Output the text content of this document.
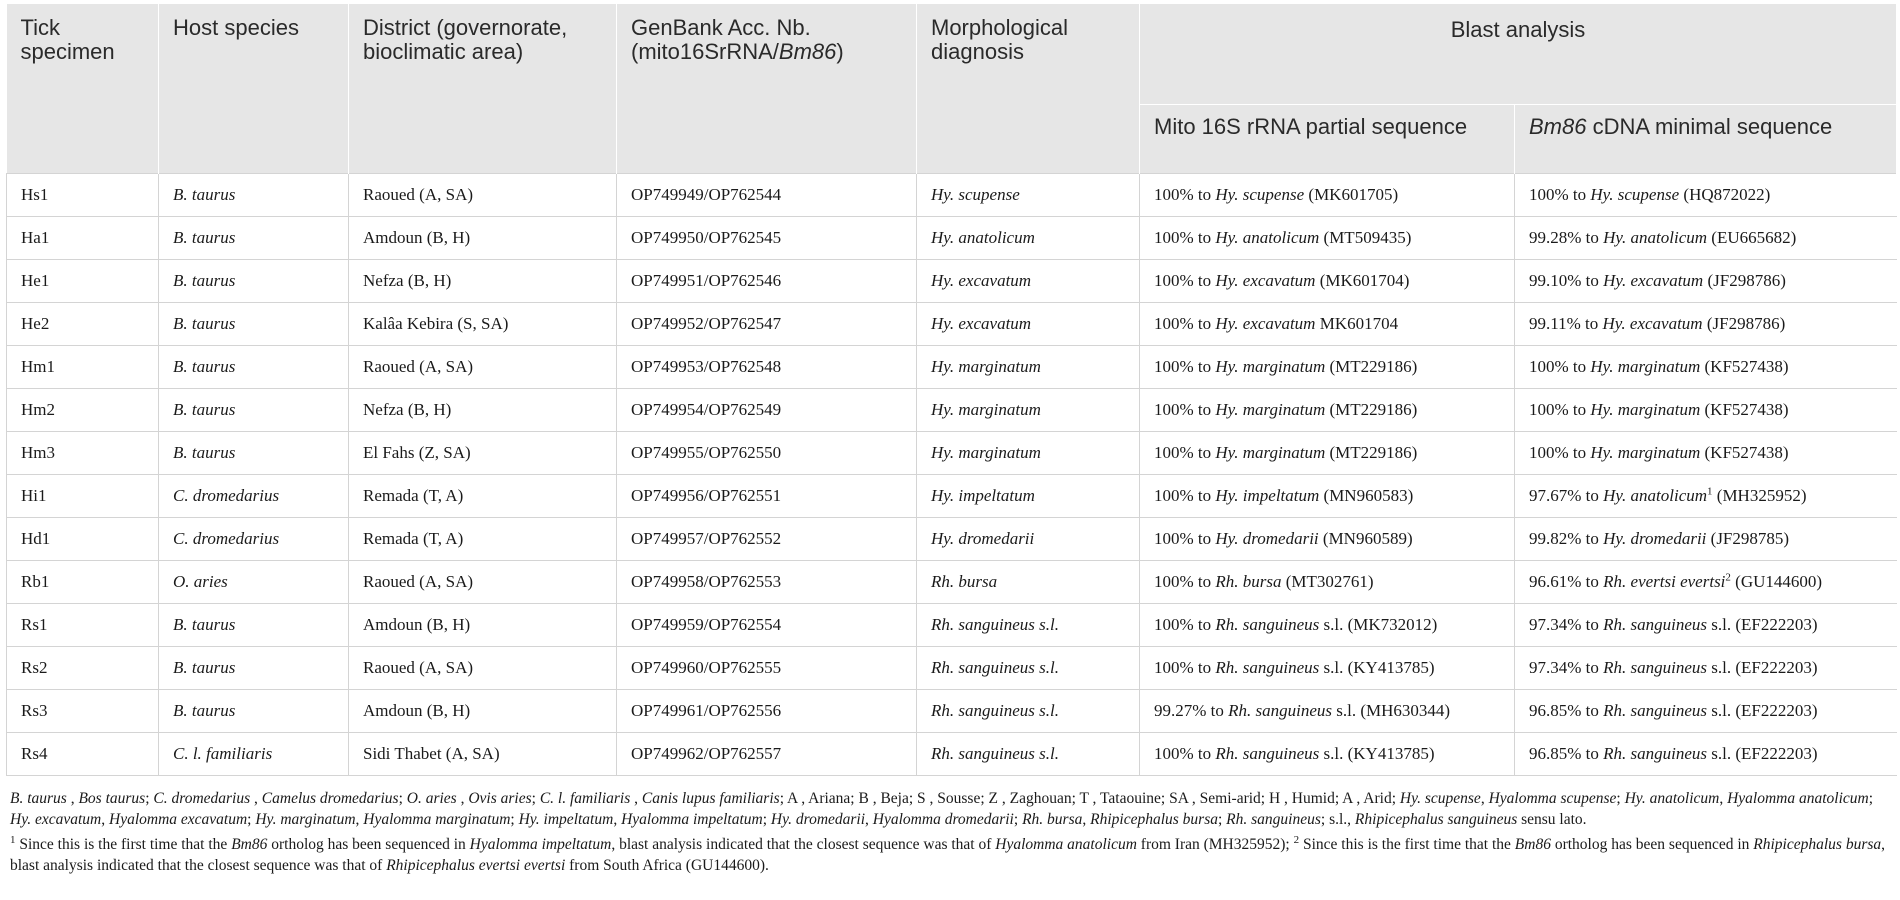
Tick specimen	Host species	District (governorate, bioclimatic area)	GenBank Acc. Nb. (mito16SrRNA/Bm86)	Morphological diagnosis	Blast analysis	
					Mito 16S rRNA partial sequence	Bm86 cDNA minimal sequence
Hs1	B. taurus	Raoued (A, SA)	OP749949/OP762544	Hy. scupense	100% to Hy. scupense (MK601705)	100% to Hy. scupense (HQ872022)
Ha1	B. taurus	Amdoun (B, H)	OP749950/OP762545	Hy. anatolicum	100% to Hy. anatolicum (MT509435)	99.28% to Hy. anatolicum (EU665682)
He1	B. taurus	Nefza (B, H)	OP749951/OP762546	Hy. excavatum	100% to Hy. excavatum (MK601704)	99.10% to Hy. excavatum (JF298786)
He2	B. taurus	Kalâa Kebira (S, SA)	OP749952/OP762547	Hy. excavatum	100% to Hy. excavatum MK601704	99.11% to Hy. excavatum (JF298786)
Hm1	B. taurus	Raoued (A, SA)	OP749953/OP762548	Hy. marginatum	100% to Hy. marginatum (MT229186)	100% to Hy. marginatum (KF527438)
Hm2	B. taurus	Nefza (B, H)	OP749954/OP762549	Hy. marginatum	100% to Hy. marginatum (MT229186)	100% to Hy. marginatum (KF527438)
Hm3	B. taurus	El Fahs (Z, SA)	OP749955/OP762550	Hy. marginatum	100% to Hy. marginatum (MT229186)	100% to Hy. marginatum (KF527438)
Hi1	C. dromedarius	Remada (T, A)	OP749956/OP762551	Hy. impeltatum	100% to Hy. impeltatum (MN960583)	97.67% to Hy. anatolicum$^1$ (MH325952)
Hd1	C. dromedarius	Remada (T, A)	OP749957/OP762552	Hy. dromedarii	100% to Hy. dromedarii (MN960589)	99.82% to Hy. dromedarii (JF298785)
Rb1	O. aries	Raoued (A, SA)	OP749958/OP762553	Rh. bursa	100% to Rh. bursa (MT302761)	96.61% to Rh. evertsi evertsi$^2$ (GU144600)
Rs1	B. taurus	Amdoun (B, H)	OP749959/OP762554	Rh. sanguineus s.l.	100% to Rh. sanguineus s.l. (MK732012)	97.34% to Rh. sanguineus s.l. (EF222203)
Rs2	B. taurus	Raoued (A, SA)	OP749960/OP762555	Rh. sanguineus s.l.	100% to Rh. sanguineus s.l. (KY413785)	97.34% to Rh. sanguineus s.l. (EF222203)
Rs3	B. taurus	Amdoun (B, H)	OP749961/OP762556	Rh. sanguineus s.l.	99.27% to Rh. sanguineus s.l. (MH630344)	96.85% to Rh. sanguineus s.l. (EF222203)
Rs4	C. l. familiaris	Sidi Thabet (A, SA)	OP749962/OP762557	Rh. sanguineus s.l.	100% to Rh. sanguineus s.l. (KY413785)	96.85% to Rh. sanguineus s.l. (EF222203)

B. taurus , Bos taurus; C. dromedarius , Camelus dromedarius; O. aries , Ovis aries; C. l. familiaris , Canis lupus familiaris; A , Ariana; B , Beja; S , Sousse; Z , Zaghouan; T , Tataouine; SA , Semi-arid; H , Humid; A , Arid; Hy. scupense, Hyalomma scupense; Hy. anatolicum, Hyalomma anatolicum; Hy. excavatum, Hyalomma excavatum; Hy. marginatum, Hyalomma marginatum; Hy. impeltatum, Hyalomma impeltatum; Hy. dromedarii, Hyalomma dromedarii; Rh. bursa, Rhipicephalus bursa; Rh. sanguineus; s.l., Rhipicephalus sanguineus sensu lato.

$^1$ Since this is the first time that the Bm86 ortholog has been sequenced in Hyalomma impeltatum, blast analysis indicated that the closest sequence was that of Hyalomma anatolicum from Iran (MH325952); $^2$ Since this is the first time that the Bm86 ortholog has been sequenced in Rhipicephalus bursa, blast analysis indicated that the closest sequence was that of Rhipicephalus evertsi evertsi from South Africa (GU144600).
